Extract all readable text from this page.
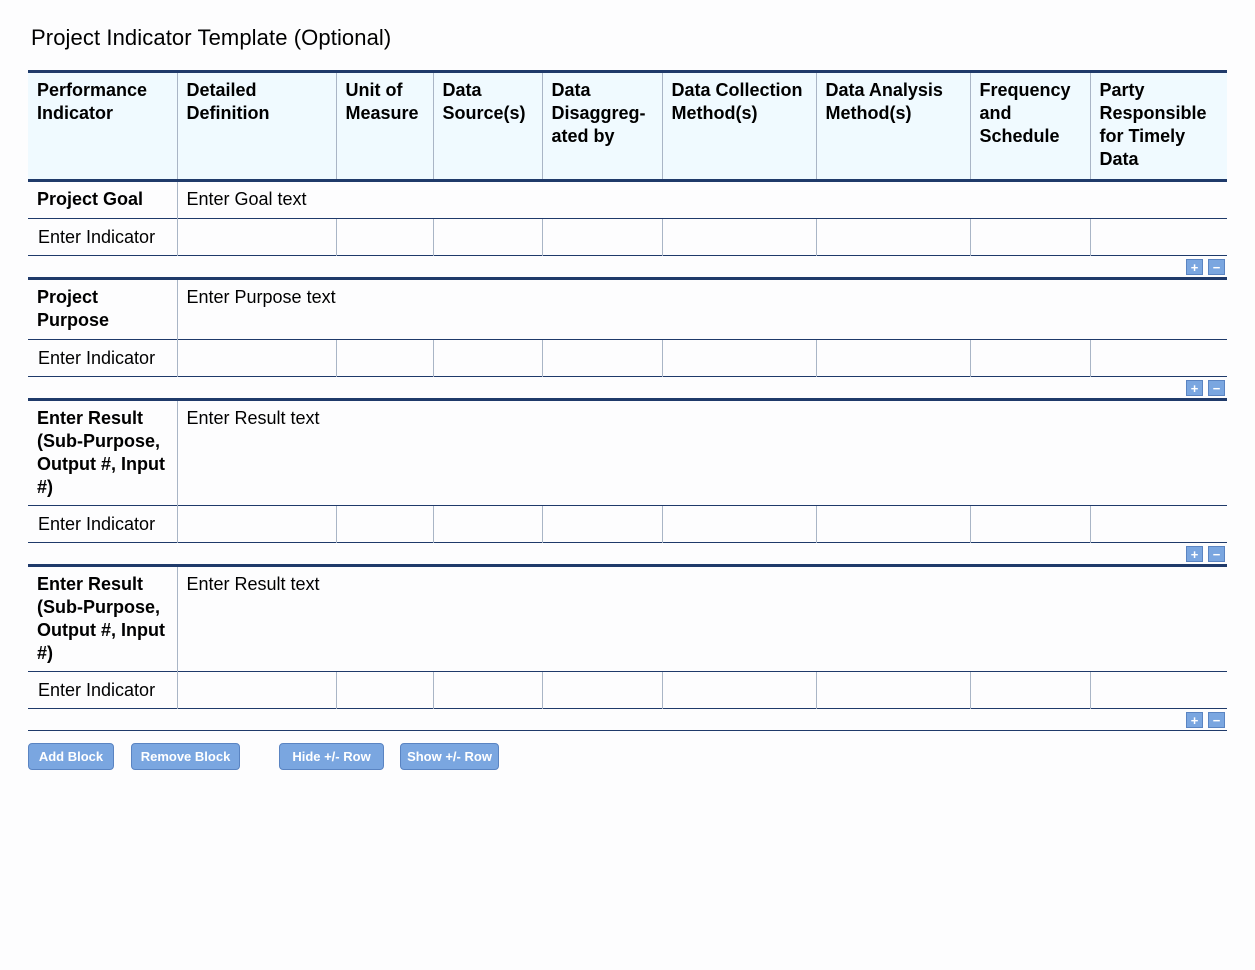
Project Indicator Template (Optional)
Performance Indicator	Detailed Definition	Unit of Measure	Data Source(s)	Data Disaggreg-ated by	Data Collection Method(s)	Data Analysis Method(s)	Frequency and Schedule	Party Responsible for Timely Data
Project Goal	Enter Goal text							
Enter Indicator								
+ −								
Project Purpose	Enter Purpose text							
Enter Indicator								
+ −								
Enter Result (Sub-Purpose, Output #, Input #)	Enter Result text							
Enter Indicator								
+ −								
Enter Result (Sub-Purpose, Output #, Input #)	Enter Result text							
Enter Indicator								
+ −								

Add Block	Remove Block	Hide +/- Row	Show +/- Row
